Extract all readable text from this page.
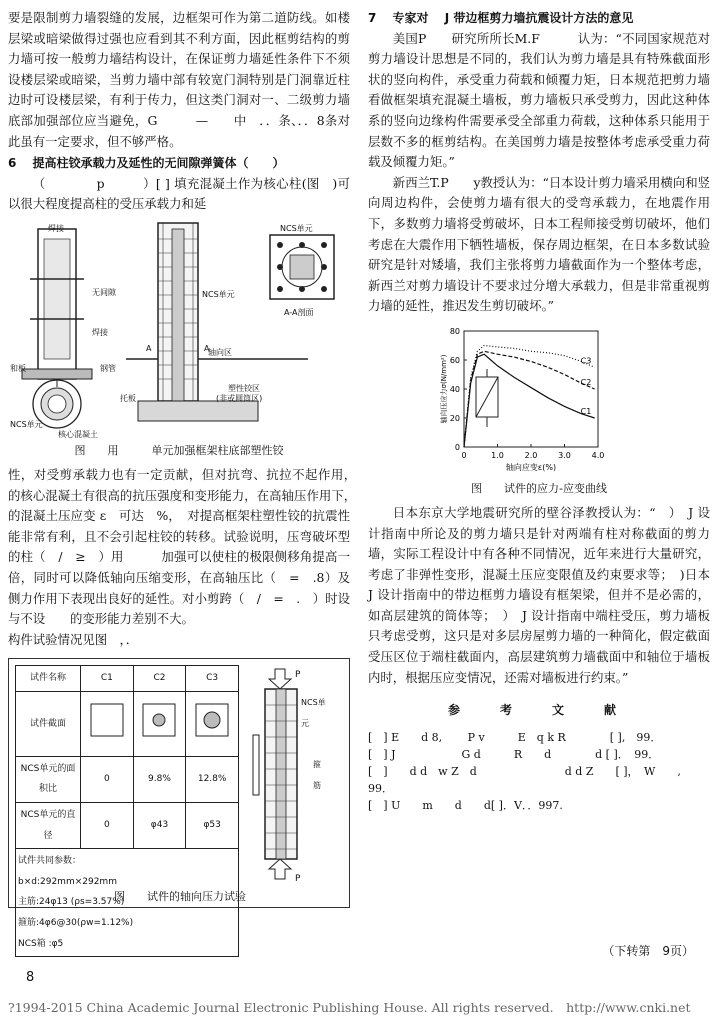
要是限制剪力墙裂缝的发展，边框架可作为第二道防线。如楼层梁或暗梁做得过强也应看到其不利方面，因此框剪结构的剪力墙可按一般剪力墙结构设计，在保证剪力墙延性条件下不须设楼层梁或暗梁，当剪力墙中部有较宽门洞特别是门洞靠近柱边时可设楼层梁，有利于传力，但这类门洞对一、二级剪力墙底部加强部位应当避免，G　　　—　　中　．．条、．．8条对此虽有一定要求，但不够严格。

6　 提高柱铰承载力及延性的无间隙弹簧体（　　）

（　　　　p　　　）[ ] 填充混凝土作为核心柱(图　)可以很大程度提高柱的受压承载力和延

焊接	NCS单元
无间隙
焊接
NCS单元
A	A
A-A剖面
和板	钢管
轴向区
塑性铰区
(非或圆筒区)
托板
NCS单元
核心混凝土
图　　用　　　单元加强框架柱底部塑性铰

性，对受剪承载力也有一定贡献，但对抗弯、抗拉不起作用，　　的核心混凝土有很高的抗压强度和变形能力，在高轴压作用下，　　的混凝土压应变 ε　可达　%，　对提高框架柱塑性铰的抗震性能非常有利，且不会引起柱铰的转移。试验说明，压弯破坏型的柱（　/　≥　）用　　　加强可以使柱的极限侧移角提高一倍，同时可以降低轴向压缩变形，在高轴压比（　=　.8）及侧力作用下表现出良好的延性。对小剪跨（　/　=　.　）时设　　与不设　　的变形能力差别不大。

构件试验情况见图　，．

试件名称	C1	C2	C3
试件截面			
NCS单元的面积比	0	9.8%	12.8%
NCS单元的直径	0	φ43	φ53

试件共同参数：
b×d:292mm×292mm
主筋:24φ13 (ρs=3.57%)
箍筋:4φ6@30(ρw=1.12%)
NCS箱 :φ5			
P
NCS单元
箍筋
P
图　　试件的轴向压力试验

7　 专家对　 J 带边框剪力墙抗震设计方法的意见

美国P　　研究所所长M.F　　　认为：“不同国家规范对剪力墙设计思想是不同的，我们认为剪力墙是具有特殊截面形状的竖向构件，承受重力荷载和倾覆力矩，日本规范把剪力墙看做框架填充混凝土墙板，剪力墙板只承受剪力，因此这种体系的竖向边缘构件需要承受全部重力荷载，这种体系只能用于层数不多的框剪结构。在美国剪力墙是按整体考虑承受重力荷载及倾覆力矩。”

新西兰T.P　　y教授认为：“日本设计剪力墙采用横向和竖向周边构件，会使剪力墙有很大的受弯承载力，在地震作用下，多数剪力墙将受剪破坏，日本工程师接受剪切破坏，他们考虑在大震作用下牺牲墙板，保存周边框架，在日本多数试验研究是针对矮墙，我们主张将剪力墙截面作为一个整体考虑，新西兰对剪力墙设计不要求过分增大承载力，但是非常重视剪力墙的延性，推迟发生剪切破坏。”

0	1.0	2.0	3.0	4.0
0
20
40
60
80
轴向应变ε(%)
轴向压应力σ(N/mm²)	C1
C2
C3
图　　试件的应力-应变曲线

日本东京大学地震研究所的壁谷泽教授认为：“　）　J 设计指南中所论及的剪力墙只是针对两端有柱对称截面的剪力墙，实际工程设计中有各种不同情况，近年来进行大量研究，考虑了非弹性变形，混凝土压应变限值及约束要求等；　)日本　J 设计指南中的带边框剪力墙设有框架梁，但并不是必需的，如高层建筑的筒体等；　）　J 设计指南中端柱受压，剪力墙板只考虑受剪，这只是对多层房屋剪力墙的一种简化，假定截面受压区位于端柱截面内，高层建筑剪力墙截面中和轴位于墙板内时，根据压应变情况，还需对墙板进行约束。”

参　考　文　献
[　] E　　d 8,　　 P v　　　E　q k R　　　　[ ],　99．
[　] J　　　　　　G d　　　R　　d　　　　d [ ]．　99．
[　]　　d d　w Z　d　　　　　　　　d d Z　　[ ]，　W　　,　99．
[　] U　　m　　d　　d[ ]．V．．997.
（下转第　9页）
8
?1994-2015 China Academic Journal Electronic Publishing House. All rights reserved.　http://www.cnki.net
